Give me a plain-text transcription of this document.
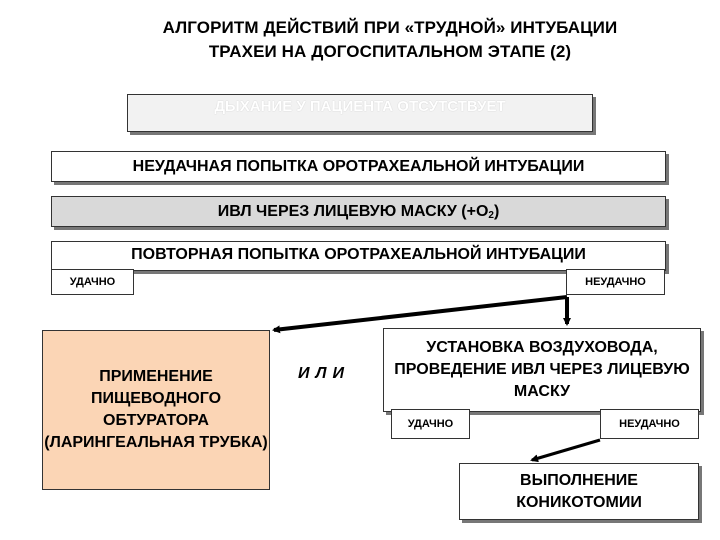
АЛГОРИТМ ДЕЙСТВИЙ ПРИ «ТРУДНОЙ» ИНТУБАЦИИ
ТРАХЕИ НА ДОГОСПИТАЛЬНОМ ЭТАПЕ (2)
ДЫХАНИЕ У ПАЦИЕНТА ОТСУТСТВУЕТ
НЕУДАЧНАЯ ПОПЫТКА ОРОТРАХЕАЛЬНОЙ ИНТУБАЦИИ
ИВЛ ЧЕРЕЗ ЛИЦЕВУЮ МАСКУ $(+O_2)$
ПОВТОРНАЯ ПОПЫТКА ОРОТРАХЕАЛЬНОЙ ИНТУБАЦИИ
УДАЧНО	НЕУДАЧНО
ПРИМЕНЕНИЕ ПИЩЕВОДНОГО ОБТУРАТОРА (ЛАРИНГЕАЛЬНАЯ ТРУБКА)
ИЛИ
УСТАНОВКА ВОЗДУХОВОДА, ПРОВЕДЕНИЕ ИВЛ ЧЕРЕЗ ЛИЦЕВУЮ МАСКУ
УДАЧНО	НЕУДАЧНО
ВЫПОЛНЕНИЕ КОНИКОТОМИИ
